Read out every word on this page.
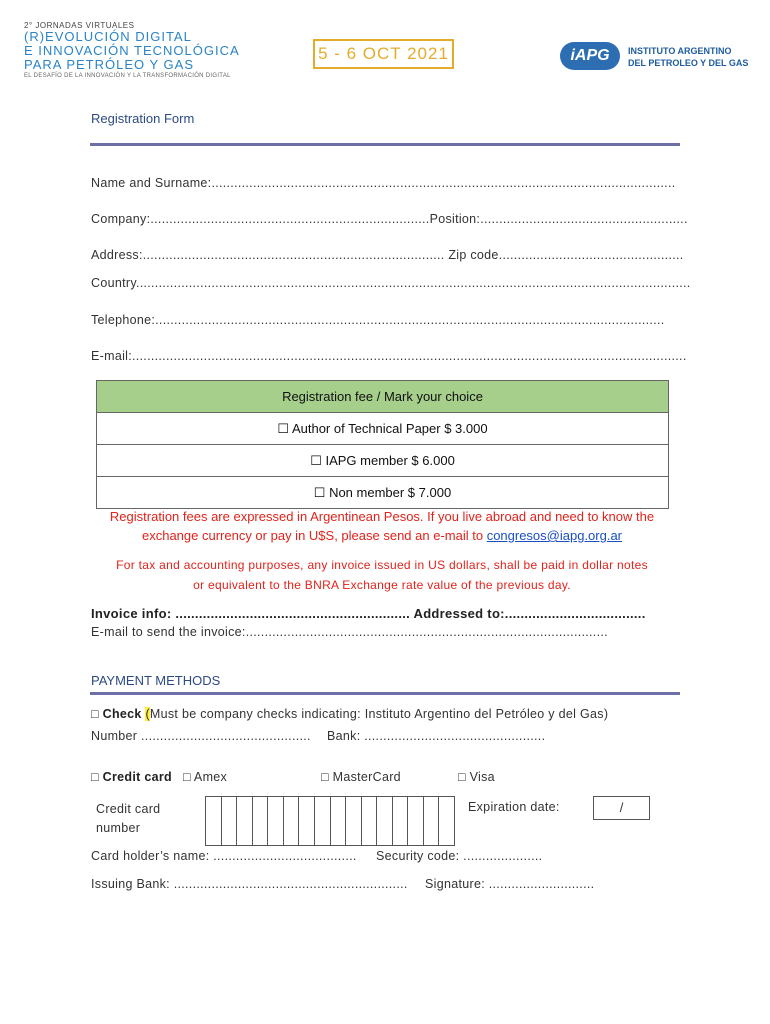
2° JORNADAS VIRTUALES
(R)EVOLUCIÓN DIGITAL
E INNOVACIÓN TECNOLÓGICA
PARA PETRÓLEO Y GAS
EL DESAFÍO DE LA INNOVACIÓN Y LA TRANSFORMACIÓN DIGITAL
5 - 6 OCT 2021	iAPG	INSTITUTO ARGENTINO
DEL PETROLEO Y DEL GAS
Registration Form
Name and Surname:...........................................................................................................................
Company:..........................................................................Position:.......................................................
Address:................................................................................ Zip code.................................................
Country...................................................................................................................................................
Telephone:.......................................................................................................................................
E-mail:...................................................................................................................................................
Registration fee / Mark your choice
☐ Author of Technical Paper $ 3.000
☐ IAPG member $ 6.000
☐ Non member $ 7.000
Registration fees are expressed in Argentinean Pesos. If you live abroad and need to know the
exchange currency or pay in U$S, please send an e-mail to congresos@iapg.org.ar
For tax and accounting purposes, any invoice issued in US dollars, shall be paid in dollar notes
or equivalent to the BNRA Exchange rate value of the previous day.
Invoice info: ............................................................ Addressed to:....................................
E-mail to send the invoice:................................................................................................
PAYMENT METHODS
□ Check (Must be company checks indicating: Instituto Argentino del Petróleo y del Gas)
Number ............................................. Bank: ................................................
□ Credit card □ Amex	□ MasterCard	□ Visa
Credit card
number
Expiration date:	/
Card holder’s name: ...................................... Security code: .....................
Issuing Bank: .............................................................. Signature: ............................
